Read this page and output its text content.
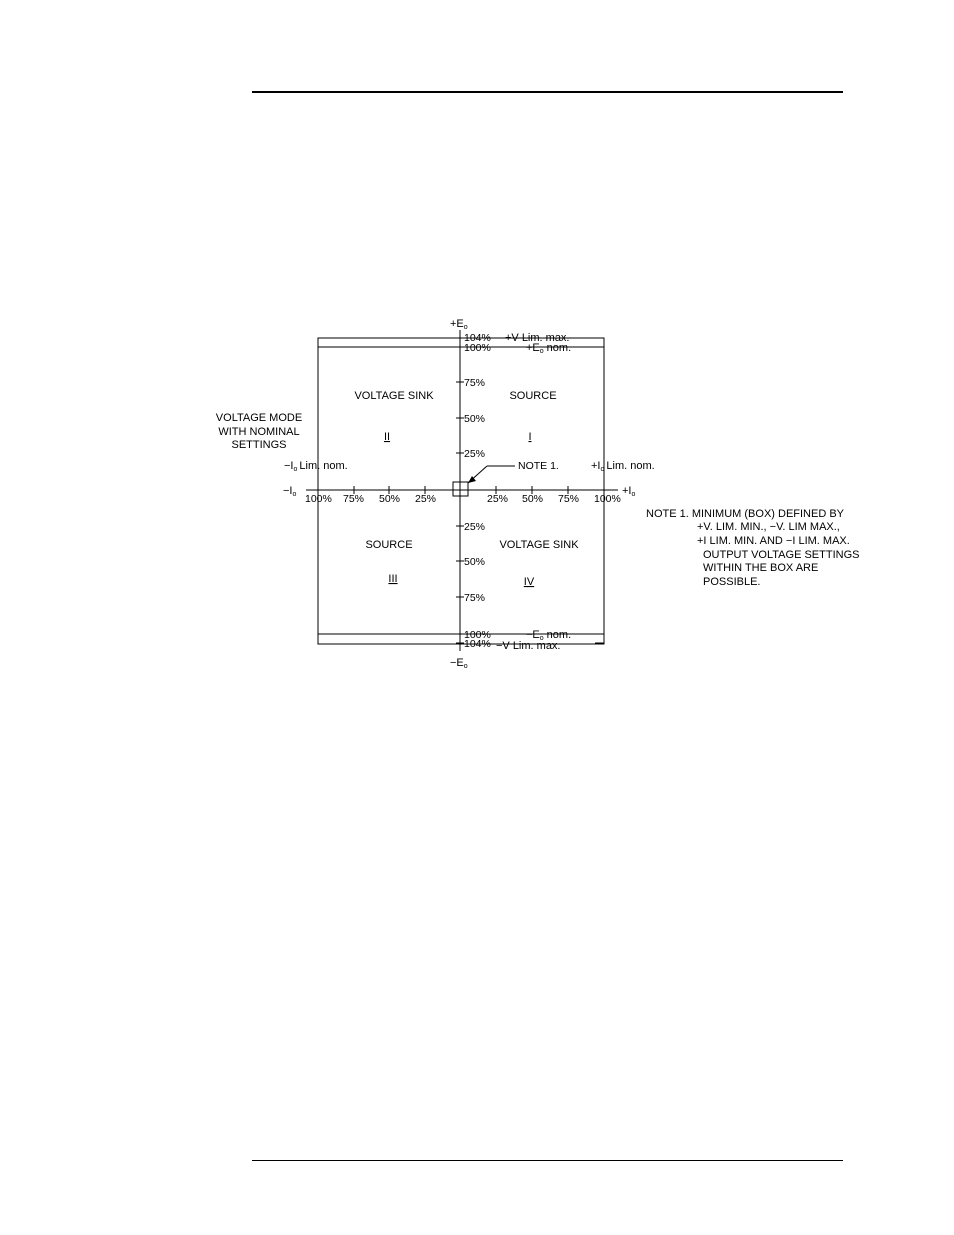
+Eo
−Eo
+Io
−Io
104%
100%
75%
50%
25%
25%
50%
75%
100%
104%
100% 75% 50% 25%	25% 50% 75% 100%
+V Lim. max.
+Eo nom.
−Eo nom.
−V Lim. max.
−Io Lim. nom.	+Io Lim. nom.
VOLTAGE SINK
II
SOURCE
I
SOURCE
III
VOLTAGE SINK
IV
VOLTAGE MODE
WITH NOMINAL
SETTINGS
NOTE 1.
NOTE 1. MINIMUM (BOX) DEFINED BY
+V. LIM. MIN., −V. LIM MAX.,
+I LIM. MIN. AND −I LIM. MAX.
OUTPUT VOLTAGE SETTINGS
WITHIN THE BOX ARE
POSSIBLE.
